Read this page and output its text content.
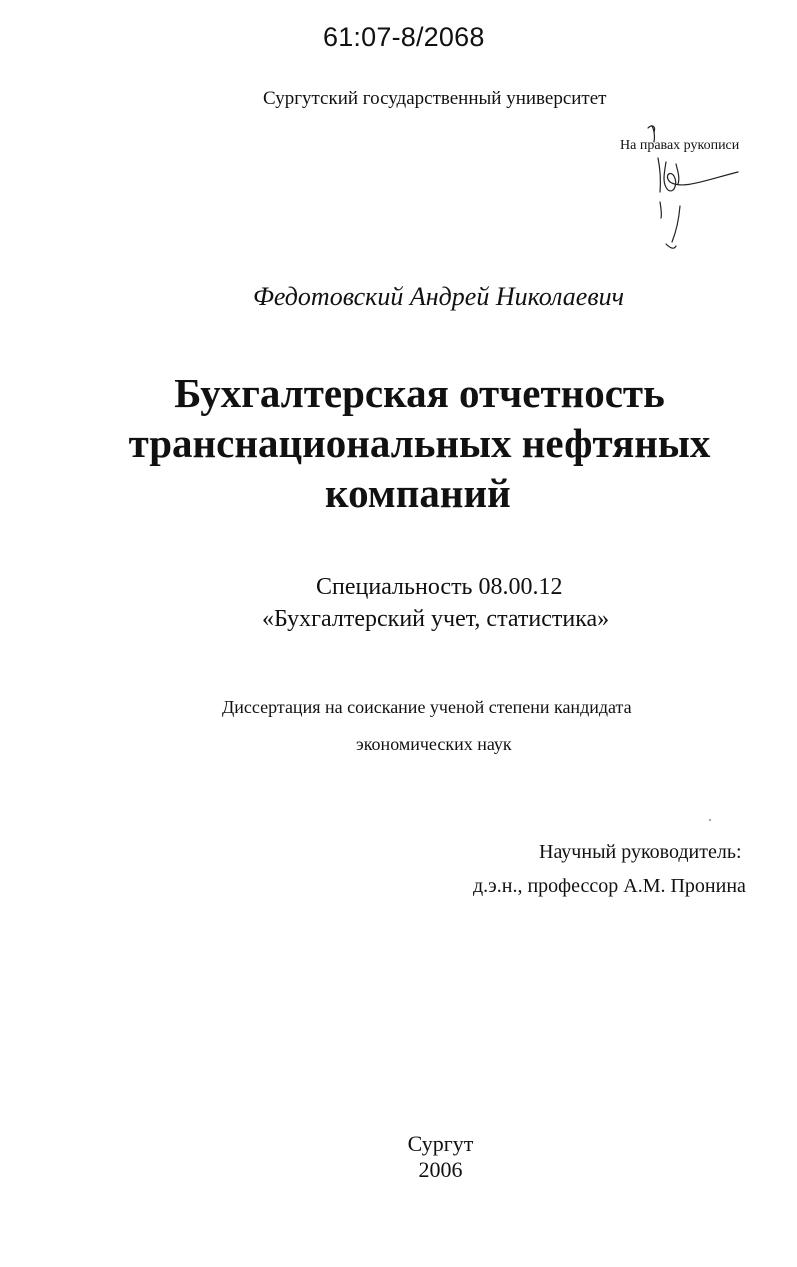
61:07-8/2068
Сургутский государственный университет
На правах рукописи
Федотовский Андрей Николаевич
Бухгалтерская отчетность
транснациональных нефтяных
компаний
Специальность 08.00.12
«Бухгалтерский учет, статистика»
Диссертация на соискание ученой степени кандидата
экономических наук
Научный руководитель:
д.э.н., профессор А.М. Пронина
Сургут
2006
